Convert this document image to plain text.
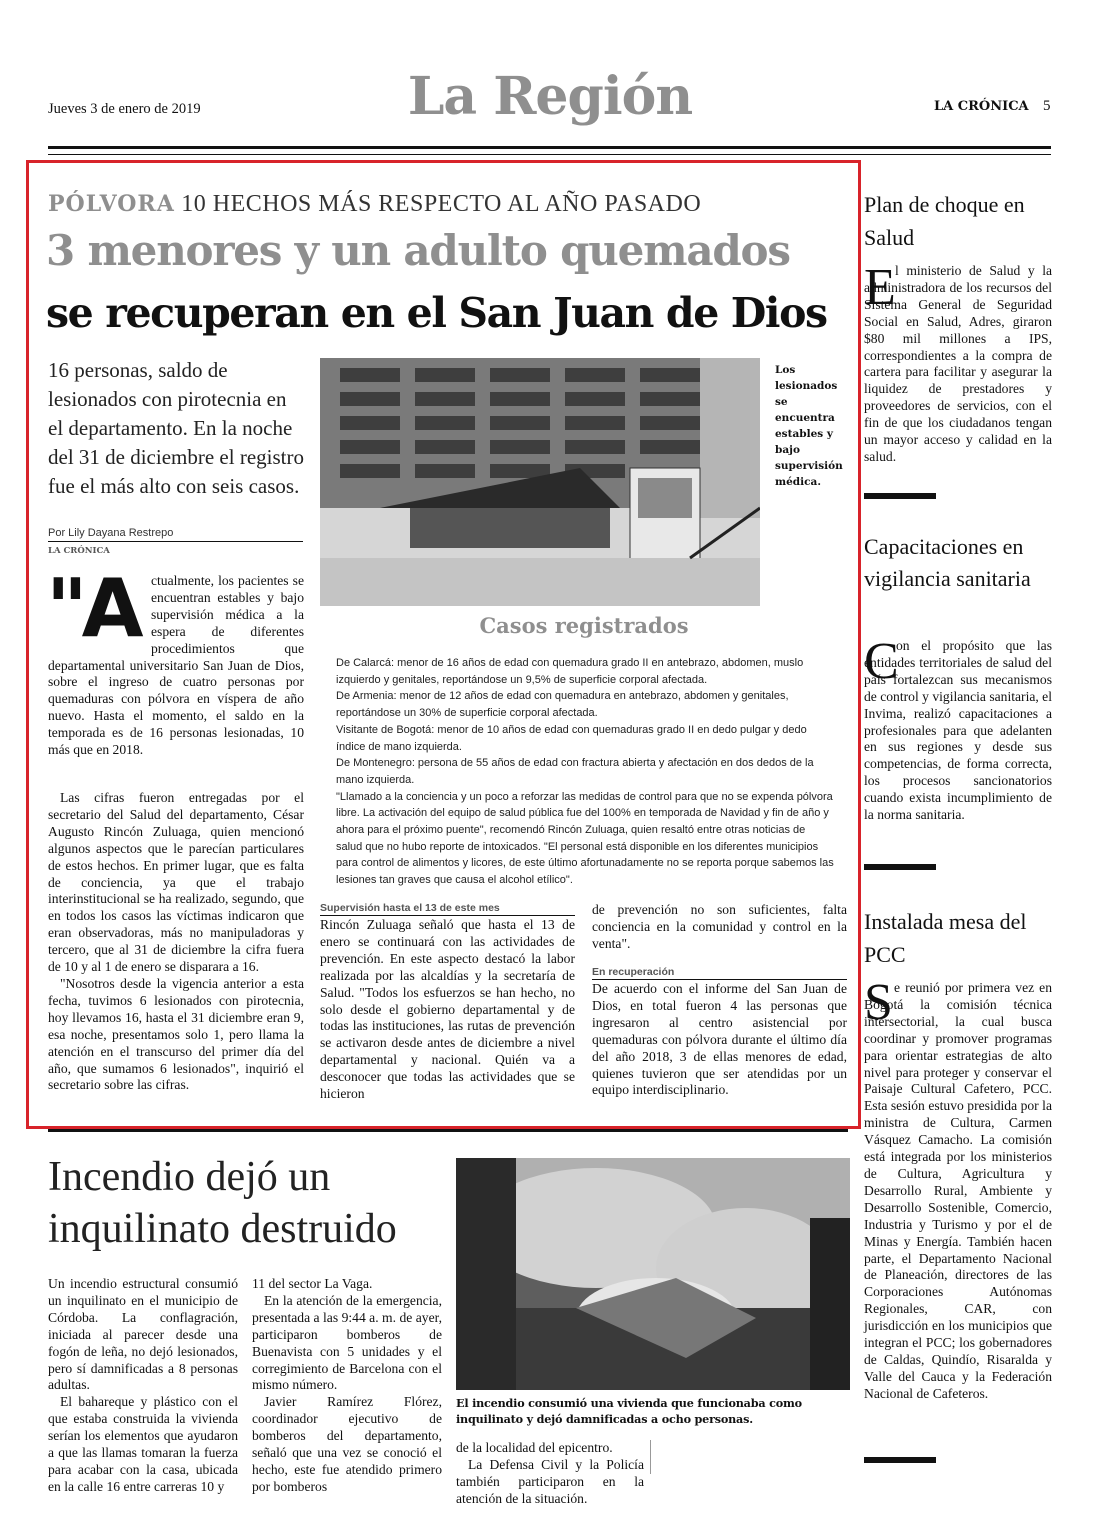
Jueves 3 de enero de 2019	La Región	LA CRÓNICA 5
PÓLVORA 10 HECHOS MÁS RESPECTO AL AÑO PASADO
3 menores y un adulto quemados
se recuperan en el San Juan de Dios
16 personas, saldo de lesionados con pirotecnia en el departamento. En la noche del 31 de diciembre el registro fue el más alto con seis casos.
Por Lily Dayana Restrepo
LA CRÓNICA
Los lesionados se encuentra estables y bajo supervisión médica.
"A ctualmente, los pacientes se encuentran estables y bajo supervisión médica a la espera de diferentes procedimientos que
departamental universitario San Juan de Dios, sobre el ingreso de cuatro personas por quemaduras con pólvora en víspera de año nuevo. Hasta el momento, el saldo en la temporada es de 16 personas lesionadas, 10 más que en 2018.

Las cifras fueron entregadas por el secretario del Salud del departamento, César Augusto Rincón Zuluaga, quien mencionó algunos aspectos que le parecían particulares de estos hechos. En primer lugar, que es falta de conciencia, ya que el trabajo interinstitucional se ha realizado, segundo, que en todos los casos las víctimas indicaron que eran observadoras, más no manipuladoras y tercero, que al 31 de diciembre la cifra fuera de 10 y al 1 de enero se disparara a 16.

"Nosotros desde la vigencia anterior a esta fecha, tuvimos 6 lesionados con pirotecnia, hoy llevamos 16, hasta el 31 diciembre eran 9, esa noche, presentamos solo 1, pero llama la atención en el transcurso del primer día del año, que sumamos 6 lesionados", inquirió el secretario sobre las cifras.

Casos registrados

De Calarcá: menor de 16 años de edad con quemadura grado II en antebrazo, abdomen, muslo izquierdo y genitales, reportándose un 9,5% de superficie corporal afectada.

De Armenia: menor de 12 años de edad con quemadura en antebrazo, abdomen y genitales, reportándose un 30% de superficie corporal afectada.

Visitante de Bogotá: menor de 10 años de edad con quemaduras grado II en dedo pulgar y dedo índice de mano izquierda.

De Montenegro: persona de 55 años de edad con fractura abierta y afectación en dos dedos de la mano izquierda.

"Llamado a la conciencia y un poco a reforzar las medidas de control para que no se expenda pólvora libre. La activación del equipo de salud pública fue del 100% en temporada de Navidad y fin de año y ahora para el próximo puente", recomendó Rincón Zuluaga, quien resaltó entre otras noticias de salud que no hubo reporte de intoxicados. "El personal está disponible en los diferentes municipios para control de alimentos y licores, de este último afortunadamente no se reporta porque sabemos las lesiones tan graves que causa el alcohol etílico".

Supervisión hasta el 13 de este mes
Rincón Zuluaga señaló que hasta el 13 de enero se continuará con las actividades de prevención. En este aspecto destacó la labor realizada por las alcaldías y la secretaría de Salud. "Todos los esfuerzos se han hecho, no solo desde el gobierno departamental y de todas las instituciones, las rutas de prevención se activaron desde antes de diciembre a nivel departamental y nacional. Quién va a desconocer que todas las actividades que se hicieron
de prevención no son suficientes, falta conciencia en la comunidad y control en la venta".
En recuperación
De acuerdo con el informe del San Juan de Dios, en total fueron 4 las personas que ingresaron al centro asistencial por quemaduras con pólvora durante el último día del año 2018, 3 de ellas menores de edad, quienes tuvieron que ser atendidas por un equipo interdisciplinario.
Plan de choque en Salud
E l ministerio de Salud y la administradora de los recursos del Sistema General de Seguridad Social en Salud, Adres, giraron $80 mil millones a IPS, correspondientes a la compra de cartera para facilitar y asegurar la liquidez de prestadores y proveedores de servicios, con el fin de que los ciudadanos tengan un mayor acceso y calidad en la salud.
Capacitaciones en vigilancia sanitaria
C
on el propósito que las entidades territoriales de salud del país fortalezcan sus mecanismos de control y vigilancia sanitaria, el Invima, realizó capacitaciones a profesionales para que adelanten en sus regiones y desde sus competencias, de forma correcta, los procesos sancionatorios cuando exista incumplimiento de la norma sanitaria.
Instalada mesa del PCC
S e reunió por primera vez en Bogotá la comisión técnica intersectorial, la cual busca coordinar y promover programas para orientar estrategias de alto nivel para proteger y conservar el Paisaje Cultural Cafetero, PCC. Esta sesión estuvo presidida por la ministra de Cultura, Carmen Vásquez Camacho. La comisión está integrada por los ministerios de Cultura, Agricultura y Desarrollo Rural, Ambiente y Desarrollo Sostenible, Comercio, Industria y Turismo y por el de Minas y Energía. También hacen parte, el Departamento Nacional de Planeación, directores de las Corporaciones Autónomas Regionales, CAR, con jurisdicción en los municipios que integran el PCC; los gobernadores de Caldas, Quindío, Risaralda y Valle del Cauca y la Federación Nacional de Cafeteros.
Incendio dejó un inquilinato destruido

Un incendio estructural consumió un inquilinato en el municipio de Córdoba. La conflagración, iniciada al parecer desde una fogón de leña, no dejó lesionados, pero sí damnificadas a 8 personas adultas.

El bahareque y plástico con el que estaba construida la vivienda serían los elementos que ayudaron a que las llamas tomaran la fuerza para acabar con la casa, ubicada en la calle 16 entre carreras 10 y

11 del sector La Vaga.

En la atención de la emergencia, presentada a las 9:44 a. m. de ayer, participaron bomberos de Buenavista con 5 unidades y el corregimiento de Barcelona con el mismo número.

Javier Ramírez Flórez, coordinador ejecutivo de bomberos del departamento, señaló que una vez se conoció el hecho, este fue atendido primero por bomberos

El incendio consumió una vivienda que funcionaba como inquilinato y dejó damnificadas a ocho personas.

de la localidad del epicentro.

La Defensa Civil y la Policía también participaron en la atención de la situación.
